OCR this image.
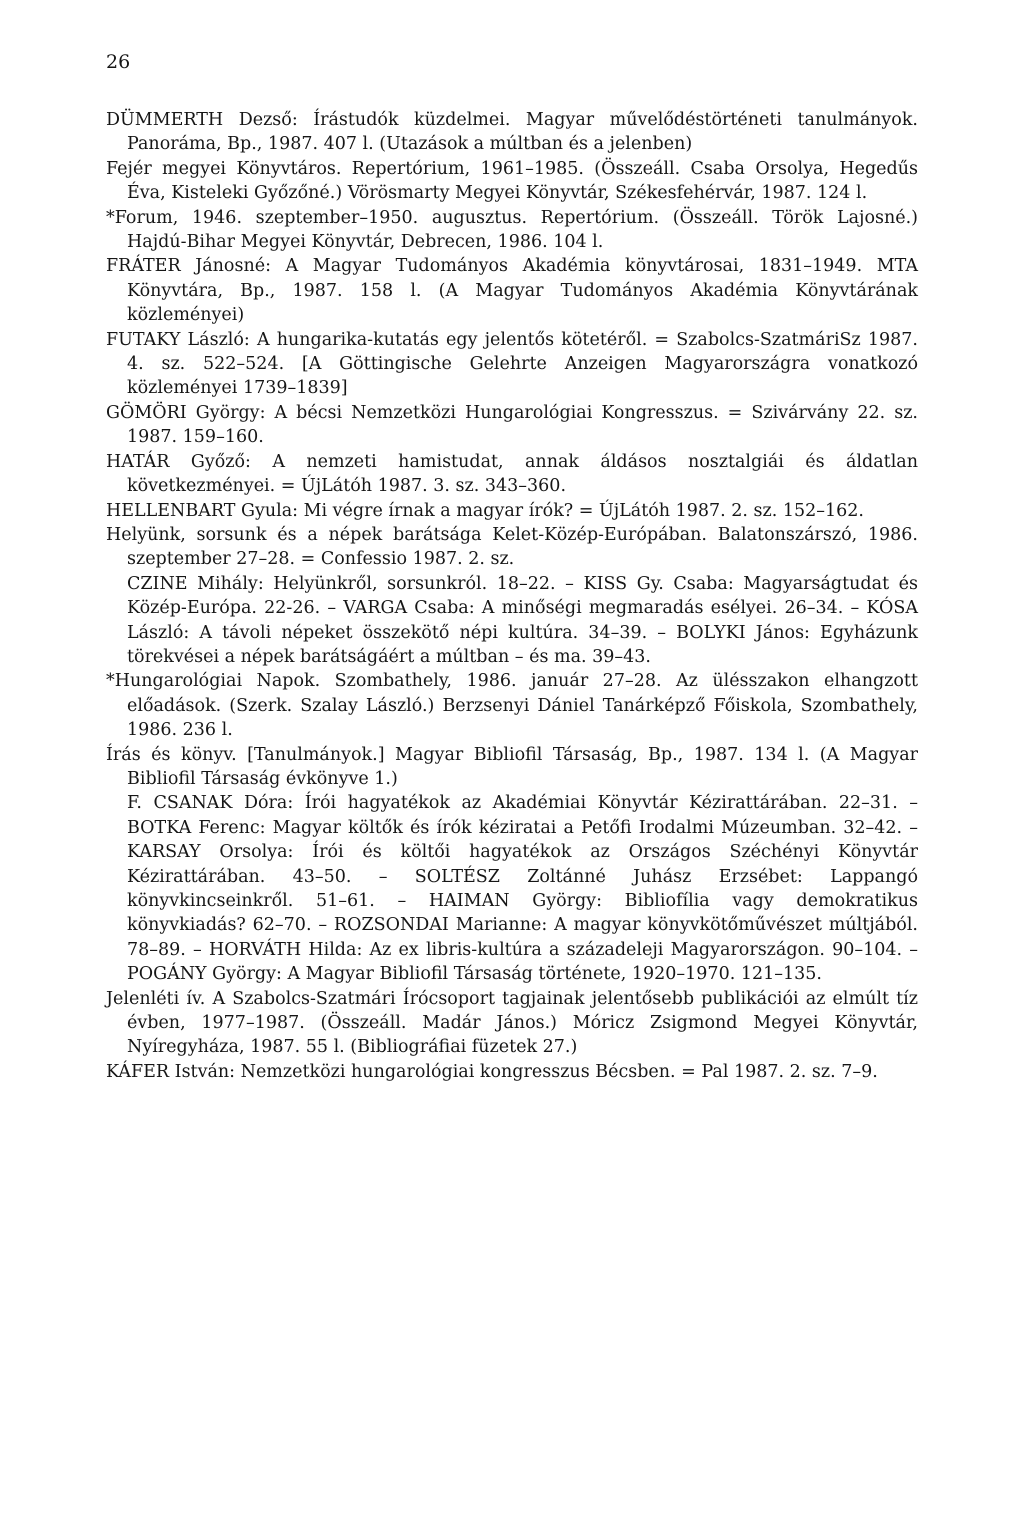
26

DÜMMERTH Dezső: Írástudók küzdelmei. Magyar művelődéstörténeti tanulmányok. Panoráma, Bp., 1987. 407 l. (Utazások a múltban és a jelenben)

Fejér megyei Könyvtáros. Repertórium, 1961–1985. (Összeáll. Csaba Orsolya, Hegedűs Éva, Kisteleki Győzőné.) Vörösmarty Megyei Könyvtár, Székesfehérvár, 1987. 124 l.

*Forum, 1946. szeptember–1950. augusztus. Repertórium. (Összeáll. Török Lajosné.) Hajdú-Bihar Megyei Könyvtár, Debrecen, 1986. 104 l.

FRÁTER Jánosné: A Magyar Tudományos Akadémia könyvtárosai, 1831–1949. MTA Könyvtára, Bp., 1987. 158 l. (A Magyar Tudományos Akadémia Könyvtárának közleményei)

FUTAKY László: A hungarika-kutatás egy jelentős kötetéről. = Szabolcs-SzatmáriSz 1987. 4. sz. 522–524. [A Göttingische Gelehrte Anzeigen Magyarországra vonatkozó közleményei 1739–1839]

GÖMÖRI György: A bécsi Nemzetközi Hungarológiai Kongresszus. = Szivárvány 22. sz. 1987. 159–160.

HATÁR Győző: A nemzeti hamistudat, annak áldásos nosztalgiái és áldatlan következményei. = ÚjLátóh 1987. 3. sz. 343–360.

HELLENBART Gyula: Mi végre írnak a magyar írók? = ÚjLátóh 1987. 2. sz. 152–162.

Helyünk, sorsunk és a népek barátsága Kelet-Közép-Európában. Balatonszárszó, 1986. szeptember 27–28. = Confessio 1987. 2. sz.

CZINE Mihály: Helyünkről, sorsunkról. 18–22. – KISS Gy. Csaba: Magyarságtudat és Közép-Európa. 22-26. – VARGA Csaba: A minőségi megmaradás esélyei. 26–34. – KÓSA László: A távoli népeket összekötő népi kultúra. 34–39. – BOLYKI János: Egyházunk törekvései a népek barátságáért a múltban – és ma. 39–43.

*Hungarológiai Napok. Szombathely, 1986. január 27–28. Az ülésszakon elhangzott előadások. (Szerk. Szalay László.) Berzsenyi Dániel Tanárképző Főiskola, Szombathely, 1986. 236 l.

Írás és könyv. [Tanulmányok.] Magyar Bibliofil Társaság, Bp., 1987. 134 l. (A Magyar Bibliofil Társaság évkönyve 1.)

F. CSANAK Dóra: Írói hagyatékok az Akadémiai Könyvtár Kézirattárában. 22–31. – BOTKA Ferenc: Magyar költők és írók kéziratai a Petőfi Irodalmi Múzeumban. 32–42. – KARSAY Orsolya: Írói és költői hagyatékok az Országos Széchényi Könyvtár Kézirattárában. 43–50. – SOLTÉSZ Zoltánné Juhász Erzsébet: Lappangó könyvkincseinkről. 51–61. – HAIMAN György: Bibliofília vagy demokratikus könyvkiadás? 62–70. – ROZSONDAI Marianne: A magyar könyvkötőművészet múltjából. 78–89. – HORVÁTH Hilda: Az ex libris-kultúra a századeleji Magyarországon. 90–104. – POGÁNY György: A Magyar Bibliofil Társaság története, 1920–1970. 121–135.

Jelenléti ív. A Szabolcs-Szatmári Írócsoport tagjainak jelentősebb publikációi az elmúlt tíz évben, 1977–1987. (Összeáll. Madár János.) Móricz Zsigmond Megyei Könyvtár, Nyíregyháza, 1987. 55 l. (Bibliográfiai füzetek 27.)

KÁFER István: Nemzetközi hungarológiai kongresszus Bécsben. = Pal 1987. 2. sz. 7–9.
